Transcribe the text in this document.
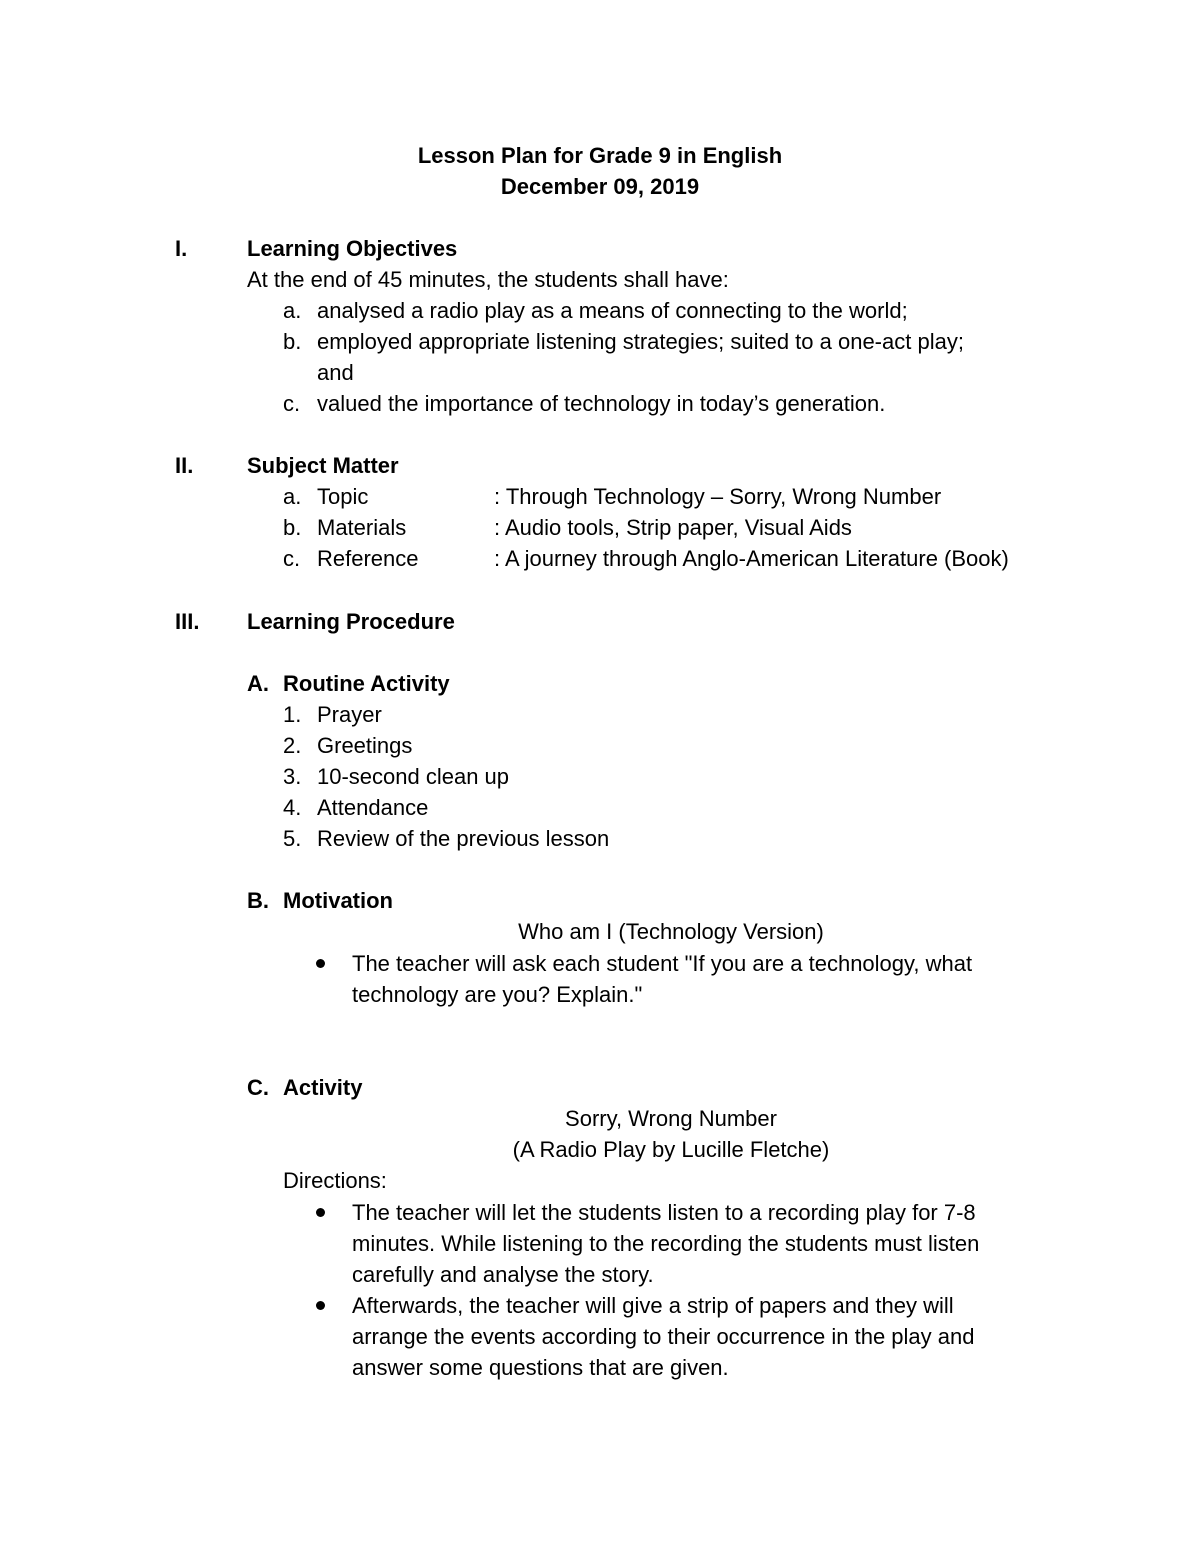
Lesson Plan for Grade 9 in English
December 09, 2019
I.	Learning Objectives
At the end of 45 minutes, the students shall have:
a. analysed a radio play as a means of connecting to the world;
b. employed appropriate listening strategies; suited to a one-act play;
and
c. valued the importance of technology in today’s generation.
II. Subject Matter
a. Topic	: Through Technology – Sorry, Wrong Number
b. Materials	: Audio tools, Strip paper, Visual Aids
c. Reference	: A journey through Anglo-American Literature (Book)
III. Learning Procedure
A. Routine Activity
1. Prayer
2. Greetings
3. 10-second clean up
4. Attendance
5. Review of the previous lesson
B. Motivation
Who am I (Technology Version)
The teacher will ask each student "If you are a technology, what
technology are you? Explain."
C. Activity
Sorry, Wrong Number
(A Radio Play by Lucille Fletche)
Directions:
The teacher will let the students listen to a recording play for 7-8
minutes. While listening to the recording the students must listen
carefully and analyse the story.
Afterwards, the teacher will give a strip of papers and they will
arrange the events according to their occurrence in the play and
answer some questions that are given.
